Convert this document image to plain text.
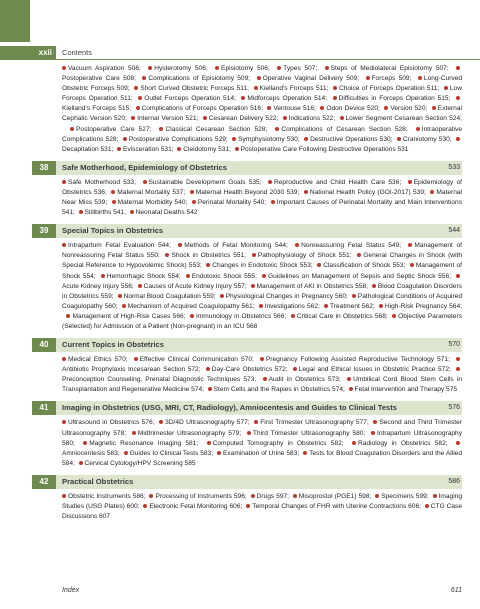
xxii	Contents
Vacuum Aspiration 506; Hysterotomy 506; Episiotomy 506; Types 507; Steps of Mediolateral Episiotomy 507;Postoperative Care 508; Complications of Episiotomy 509; Operative Vaginal Delivery 509; Forceps 509; Long-Curved Obstetric Forceps 509; Short Curved Obstetric Forceps 511; Kielland's Forceps 511; Choice of Forceps Operation 511; Low Forceps Operation 511; Outlet Forceps Operation 514; Midforceps Operation 514; Difficulties in Forceps Operation 515;Kielland's Forceps 515; Complications of Forceps Operation 516; Ventouse 516; Odon Device 520; Version 520; External Cephalic Version 520; Internal Version 521; Cesarean Delivery 522; Indications 522; Lower Segment Cesarean Section 524;Postoperative Care 527; Classical Cesarean Section 528; Complications of Cesarean Section 528; Intraoperative Complications 528; Postoperative Complications 529; Symphysiotomy 530; Destructive Operations 530; Craniotomy 530;Decapitation 531; Evisceration 531; Cleidotomy 531; Postoperative Care Following Destructive Operations 531
38	Safe Motherhood, Epidemiology of Obstetrics	533
Safe Motherhood 533; Sustainable Development Goals 535; Reproductive and Child Health Care 536; Epidemiology of Obstetrics 536; Maternal Mortality 537; Maternal Health Beyond 2030 539; National Health Policy (GOI-2017) 539; Maternal Near Miss 539; Maternal Morbidity 540; Perinatal Mortality 540; Important Causes of Perinatal Mortality and Main Interventions 541; Stillbirths 541; Neonatal Deaths 542
39	Special Topics in Obstetrics	544
Intrapartum Fetal Evaluation 544; Methods of Fetal Monitoring 544; Nonreassuring Fetal Status 549; Management of Nonreassuring Fetal Status 550; Shock in Obstetrics 551; Pathophysiology of Shock 551; General Changes in Shock (with Special Reference to Hypovolemic Shock) 553; Changes in Endotoxic Shock 553; Classification of Shock 553; Management of Shock 554; Hemorrhagic Shock 554; Endotoxic Shock 555; Guidelines on Management of Sepsis and Septic Shock 556;Acute Kidney Injury 556; Causes of Acute Kidney Injury 557; Management of AKI in Obstetrics 558; Blood Coagulation Disorders in Obstetrics 559; Normal Blood Coagulation 559; Physiological Changes in Pregnancy 560; Pathological Conditions of Acquired Coagulopathy 560; Mechanism of Acquired Coagulopathy 561; Investigations 562; Treatment 562; High-Risk Pregnancy 564;Management of High-Risk Cases 566; Immunology in Obstetrics 566; Critical Care in Obstetrics 568; Objective Parameters (Selected) for Admission of a Patient (Non-pregnant) in an ICU 568
40	Current Topics in Obstetrics	570
Medical Ethics 570; Effective Clinical Communication 570; Pregnancy Following Assisted Reproductive Technology 571;Antibiotic Prophylaxis Incesarean Section 572; Day-Care Obstetrics 572; Legal and Ethical Issues in Obstetric Practice 572;Preconception Counseling, Prenatal Diagnostic Techniques 573; Audit in Obstetrics 573; Umbilical Cord Blood Stem Cells in Transplantation and Regenerative Medicine 574; Stem Cells and the Rapies in Obstetrics 574; Fetal Intervention and Therapy 575
41	Imaging in Obstetrics (USG, MRI, CT, Radiology), Amniocentesis and Guides to Clinical Tests	576
Ultrasound in Obstetrics 576; 3D/4D Ultrasonography 577; First Trimester Ultrasonography 577; Second and Third Trimester Ultrasonography 578; Midtrimester Ultrasonography 579; Third Trimester Ultrasonography 580; Intrapartum Ultrasonography 580; Magnetic Resonance Imaging 581; Computed Tomography in Obstetrics 582; Radiology in Obstetrics 582;Amniocentesis 583; Guides to Clinical Tests 583; Examination of Urine 583; Tests for Blood Coagulation Disorders and the Allied 584; Cervical Cytology/HPV Screening 585
42	Practical Obstetrics	586
Obstetric Instruments 586; Processing of Instruments 596; Drugs 597; Misoprostol (PGE1) 598; Specimens 599; Imaging Studies (USG Plates) 600; Electronic Fetal Monitoring 606; Temporal Changes of FHR with Uterine Contractions 606; CTG Case Discussions 607
Index	611
